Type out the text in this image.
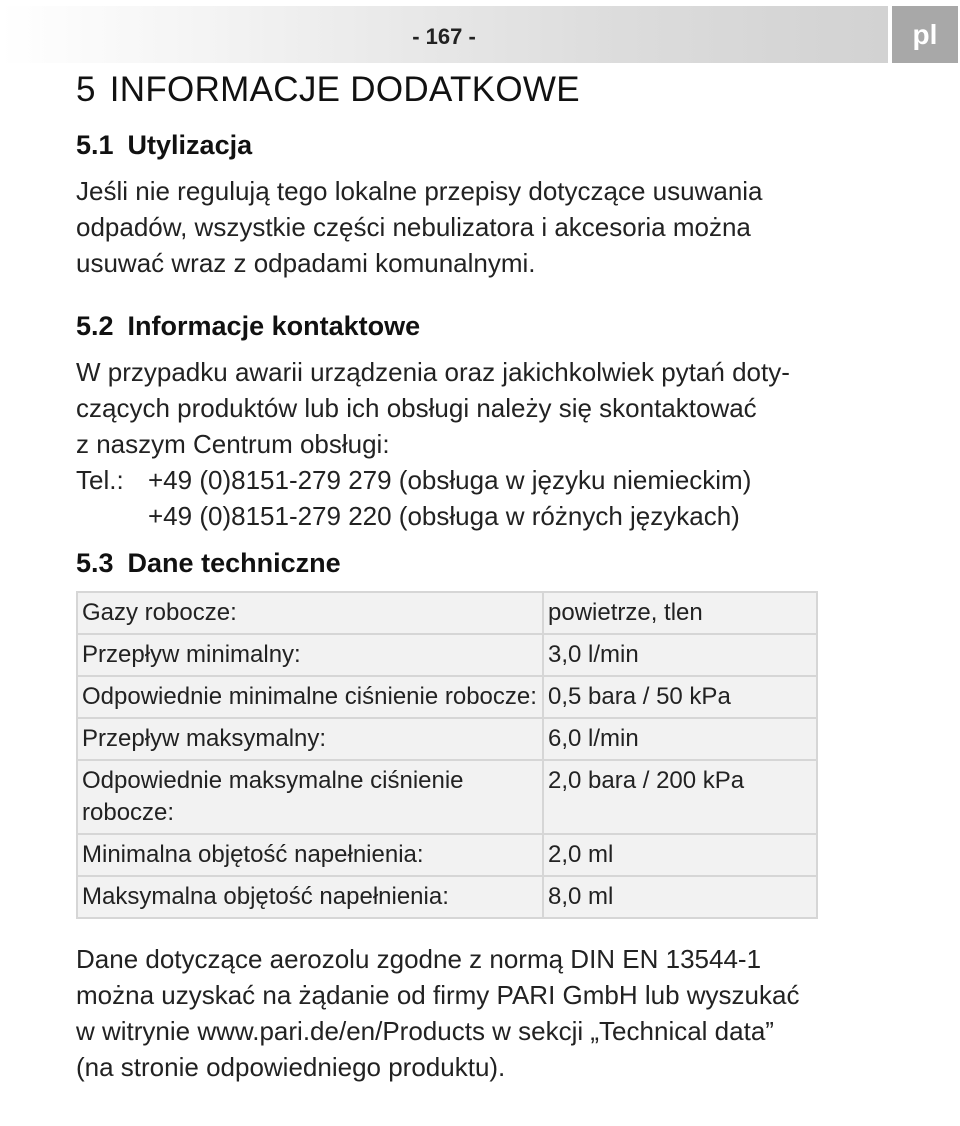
- 167 -	pl
5 INFORMACJE DODATKOWE
5.1 Utylizacja

Jeśli nie regulują tego lokalne przepisy dotyczące usuwania
odpadów, wszystkie części nebulizatora i akcesoria można
usuwać wraz z odpadami komunalnymi.

5.2 Informacje kontaktowe

W przypadku awarii urządzenia oraz jakichkolwiek pytań doty-
czących produktów lub ich obsługi należy się skontaktować
z naszym Centrum obsługi:

Tel.: +49 (0)8151-279 279 (obsługa w języku niemieckim)
+49 (0)8151-279 220 (obsługa w różnych językach)
5.3 Dane techniczne
Gazy robocze:	powietrze, tlen
Przepływ minimalny:	3,0 l/min
Odpowiednie minimalne ciśnienie robocze:	0,5 bara / 50 kPa
Przepływ maksymalny:	6,0 l/min
Odpowiednie maksymalne ciśnienie robocze:	2,0 bara / 200 kPa
Minimalna objętość napełnienia:	2,0 ml
Maksymalna objętość napełnienia:	8,0 ml

Dane dotyczące aerozolu zgodne z normą DIN EN 13544-1
można uzyskać na żądanie od firmy PARI GmbH lub wyszukać
w witrynie www.pari.de/en/Products w sekcji „Technical data”
(na stronie odpowiedniego produktu).
